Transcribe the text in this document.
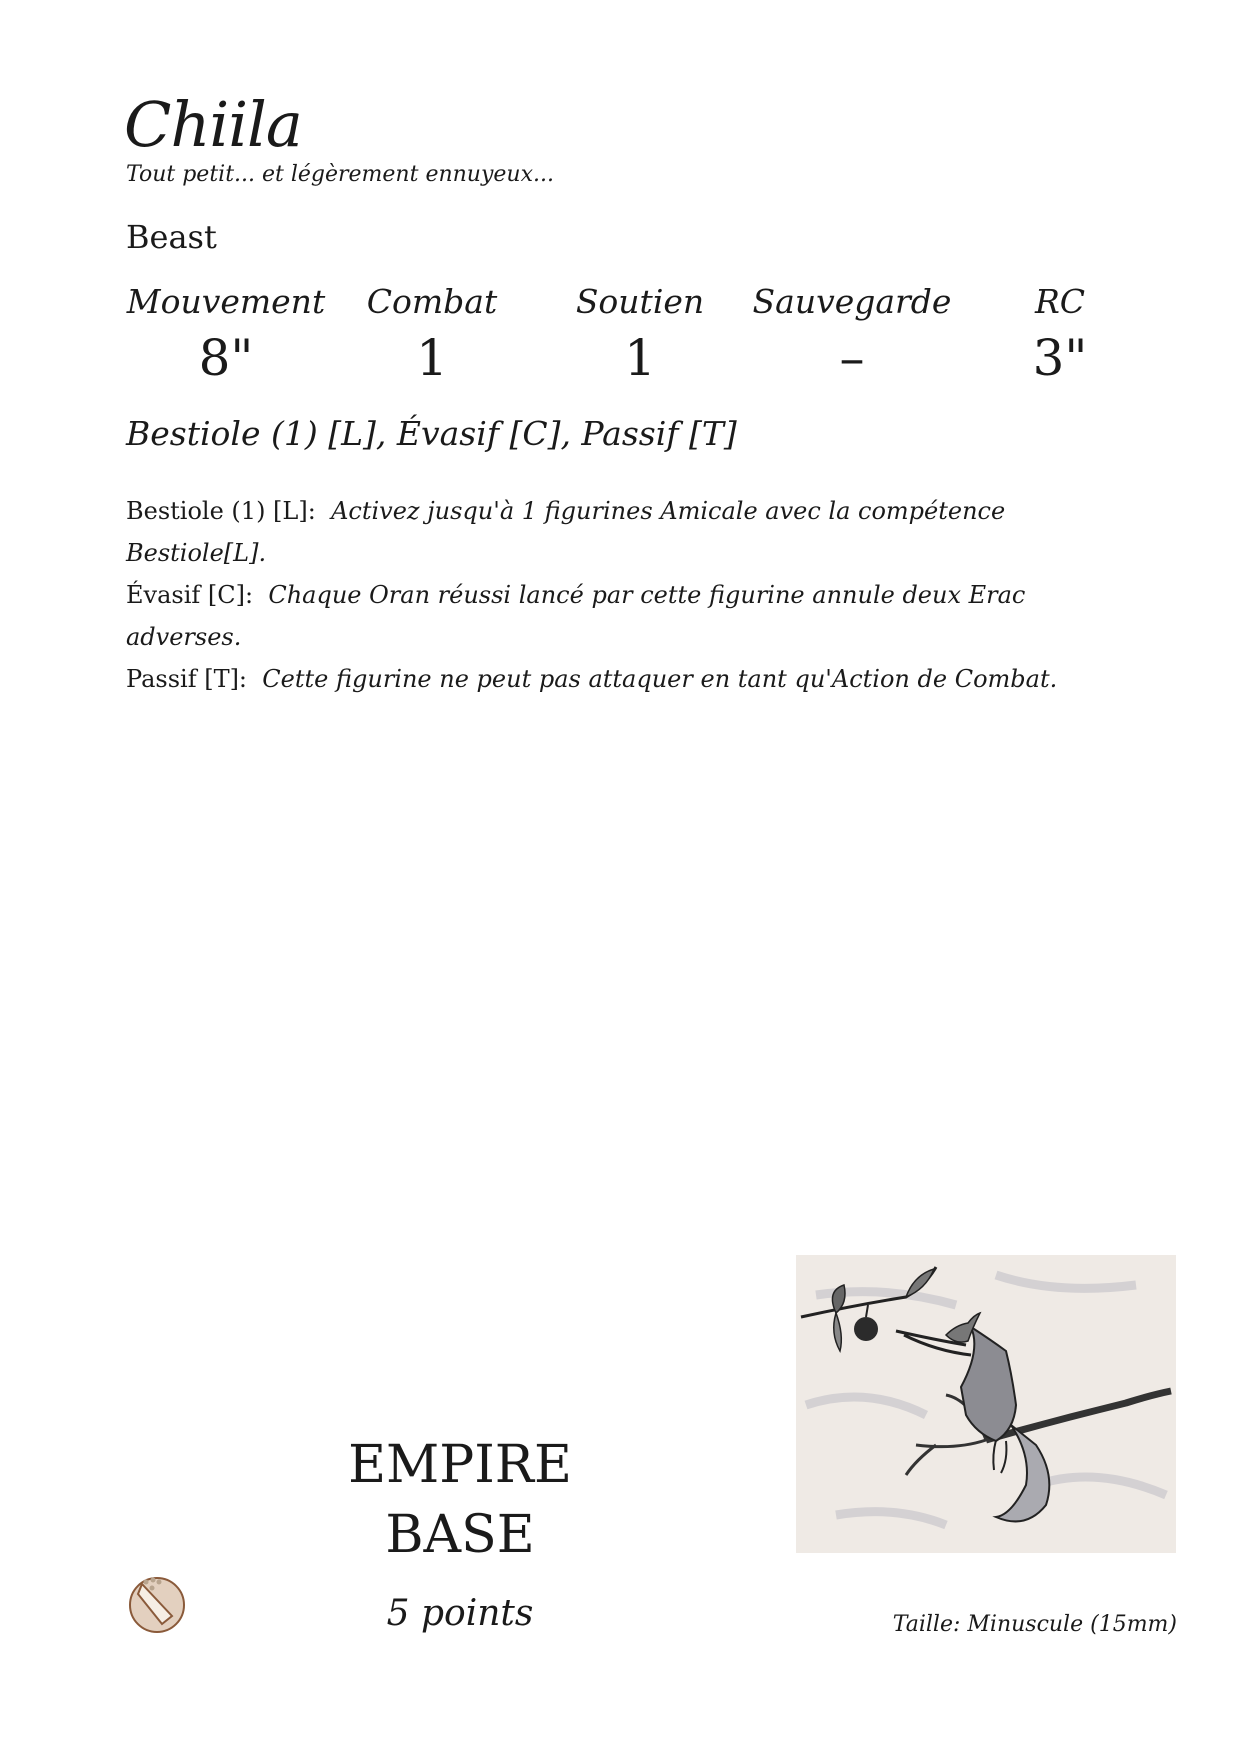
Chiila
Tout petit... et légèrement ennuyeux...
Beast
Mouvement
8"
Combat
1
Soutien
1
Sauvegarde
–
RC
3"
Bestiole (1) [L], Évasif [C], Passif [T]
Bestiole (1) [L]: Activez jusqu'à 1 figurines Amicale avec la compétence Bestiole[L].
Évasif [C]: Chaque Oran réussi lancé par cette figurine annule deux Erac adverses.
Passif [T]: Cette figurine ne peut pas attaquer en tant qu'Action de Combat.
EMPIRE
BASE
5 points	Taille: Minuscule (15mm)
